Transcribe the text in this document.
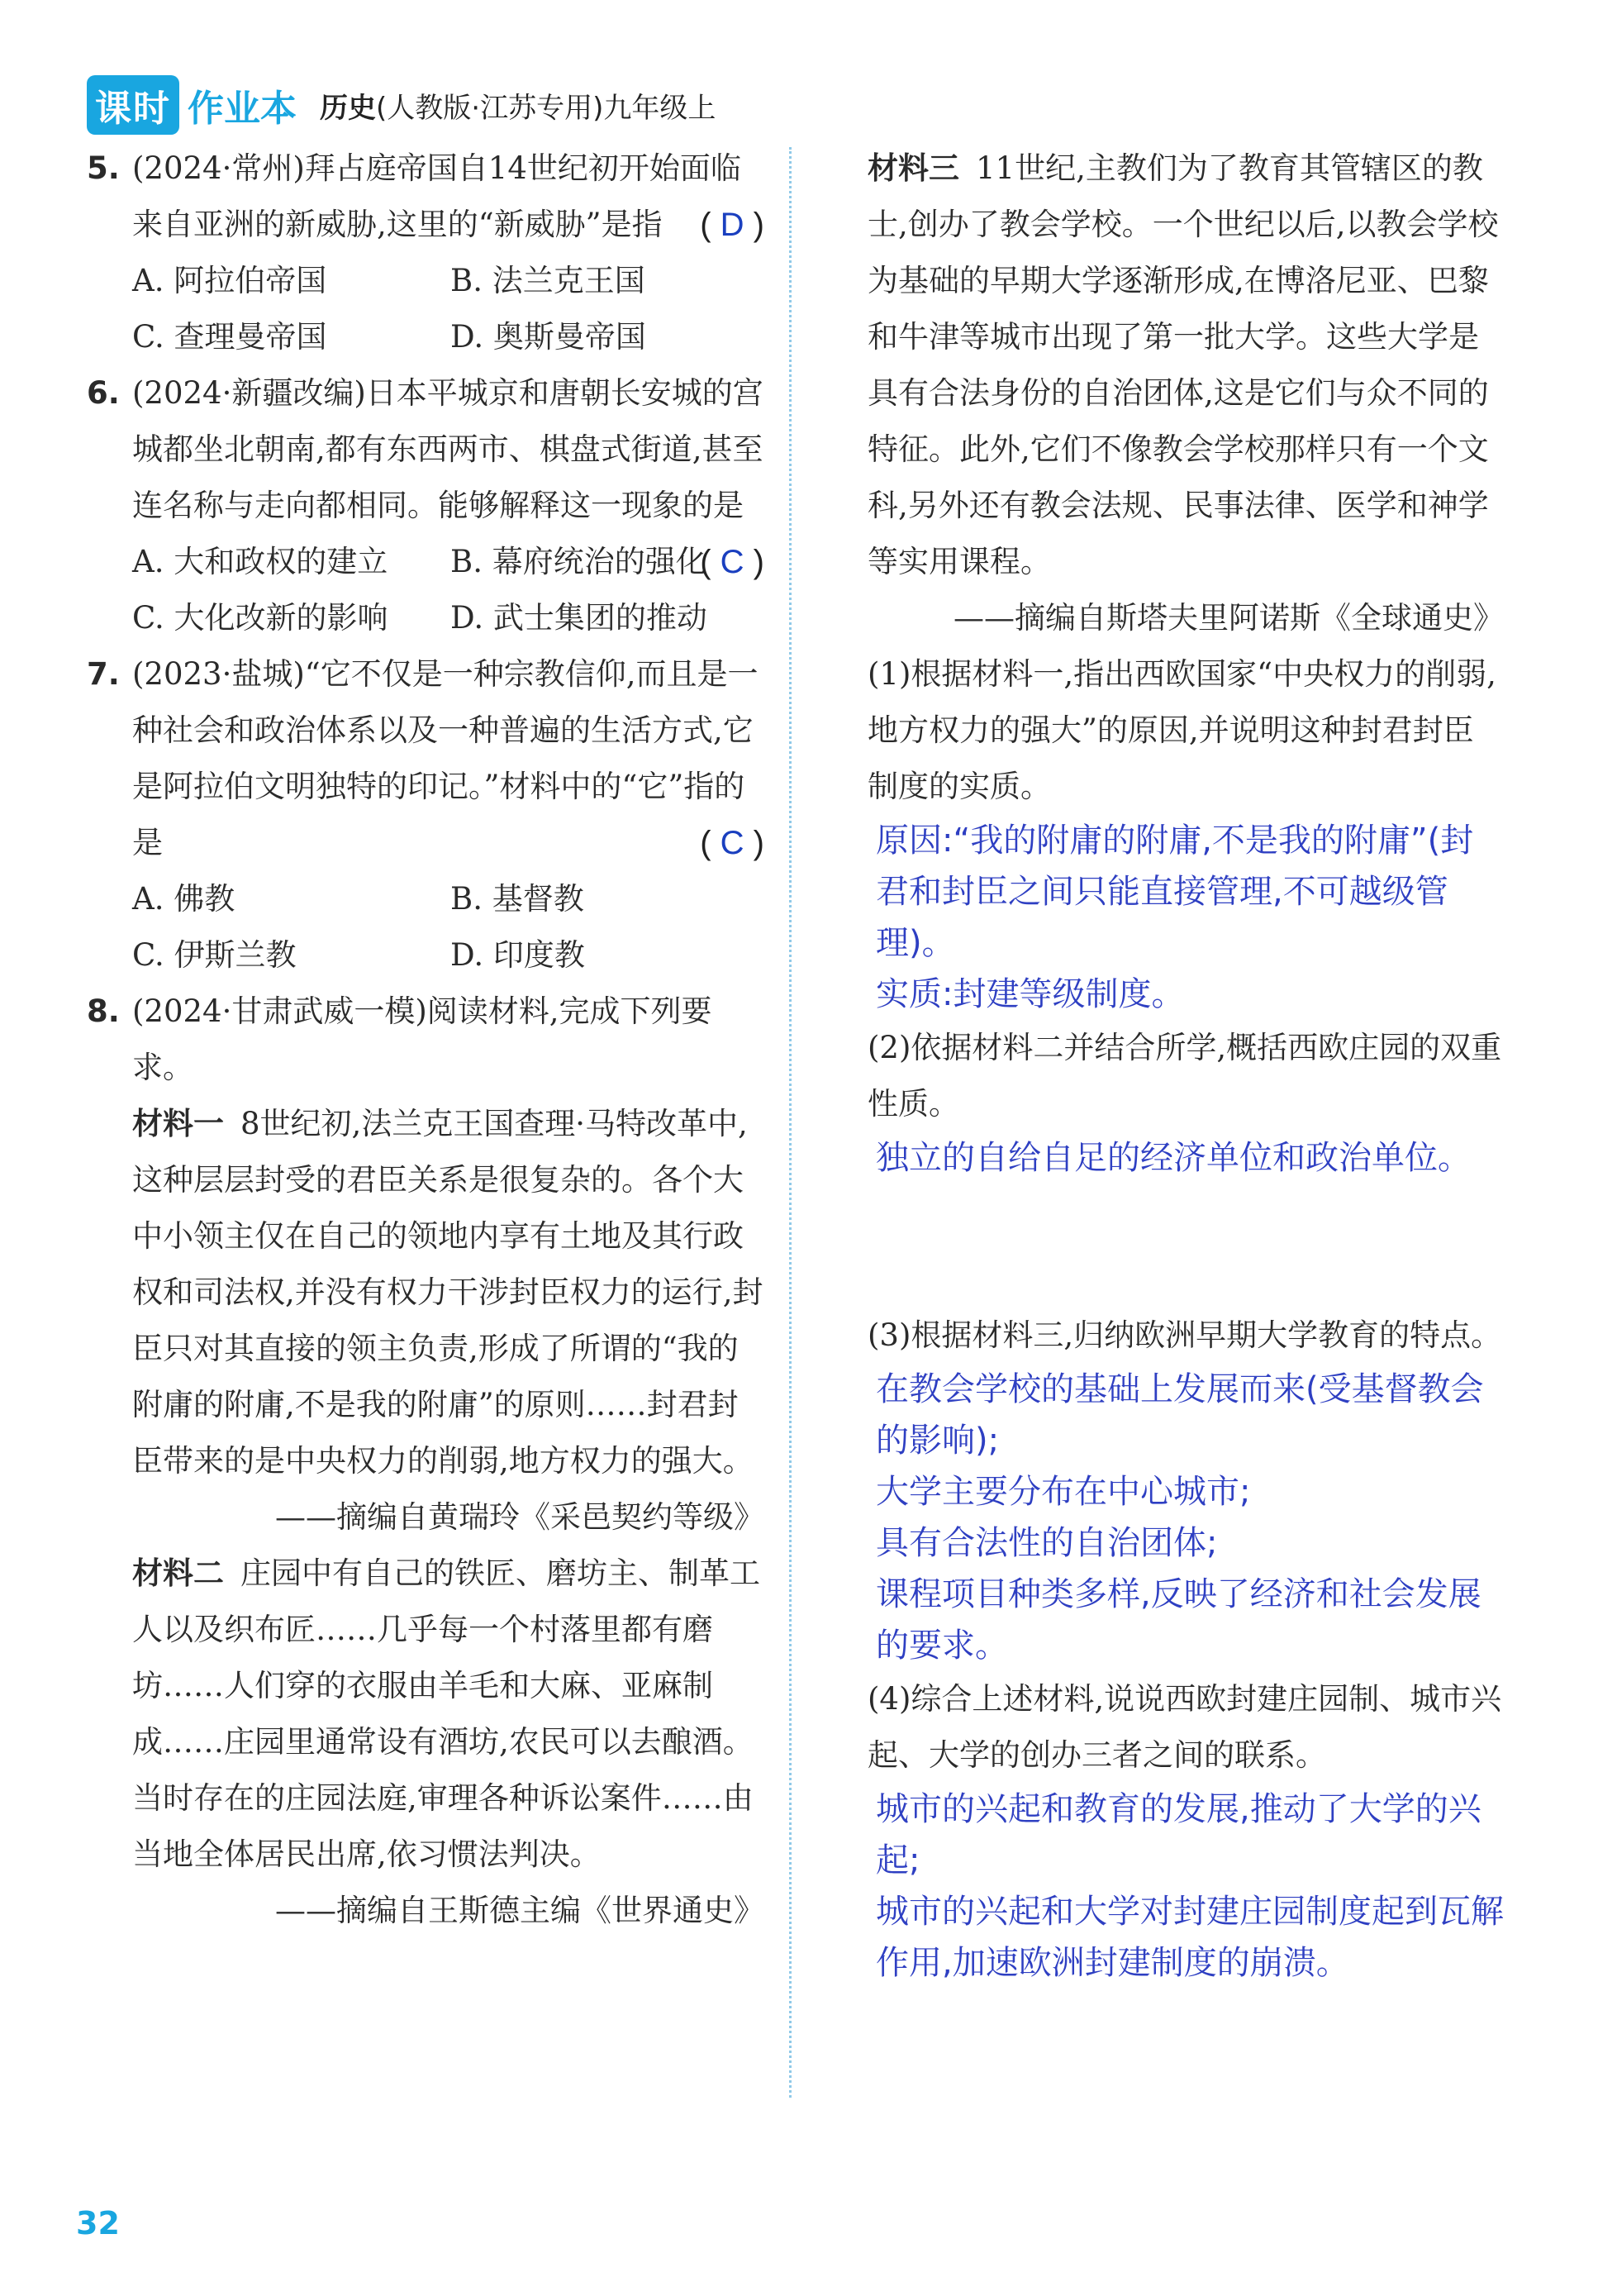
课时 作业本 历史(人教版·江苏专用)九年级上
5. (2024·常州)拜占庭帝国自14世纪初开始面临来自亚洲的新威胁,这里的“新威胁”是指	( D )
A. 阿拉伯帝国	B. 法兰克王国
C. 查理曼帝国	D. 奥斯曼帝国
6. (2024·新疆改编)日本平城京和唐朝长安城的宫城都坐北朝南,都有东西两市、棋盘式街道,甚至连名称与走向都相同。能够解释这一现象的是
( C )
A. 大和政权的建立	B. 幕府统治的强化
C. 大化改新的影响	D. 武士集团的推动
7. (2023·盐城)“它不仅是一种宗教信仰,而且是一种社会和政治体系以及一种普遍的生活方式,它是阿拉伯文明独特的印记。”材料中的“它”指的是	( C )
A. 佛教	B. 基督教
C. 伊斯兰教	D. 印度教
8. (2024·甘肃武威一模)阅读材料,完成下列要求。
材料一 8世纪初,法兰克王国查理·马特改革中,这种层层封受的君臣关系是很复杂的。各个大中小领主仅在自己的领地内享有土地及其行政权和司法权,并没有权力干涉封臣权力的运行,封臣只对其直接的领主负责,形成了所谓的“我的附庸的附庸,不是我的附庸”的原则……封君封臣带来的是中央权力的削弱,地方权力的强大。
——摘编自黄瑞玲《采邑契约等级》
材料二 庄园中有自己的铁匠、磨坊主、制革工人以及织布匠……几乎每一个村落里都有磨坊……人们穿的衣服由羊毛和大麻、亚麻制成……庄园里通常设有酒坊,农民可以去酿酒。当时存在的庄园法庭,审理各种诉讼案件……由当地全体居民出席,依习惯法判决。
——摘编自王斯德主编《世界通史》
材料三 11世纪,主教们为了教育其管辖区的教士,创办了教会学校。一个世纪以后,以教会学校为基础的早期大学逐渐形成,在博洛尼亚、巴黎和牛津等城市出现了第一批大学。这些大学是具有合法身份的自治团体,这是它们与众不同的特征。此外,它们不像教会学校那样只有一个文科,另外还有教会法规、民事法律、医学和神学等实用课程。
——摘编自斯塔夫里阿诺斯《全球通史》
(1)根据材料一,指出西欧国家“中央权力的削弱,地方权力的强大”的原因,并说明这种封君封臣制度的实质。
原因:“我的附庸的附庸,不是我的附庸”(封君和封臣之间只能直接管理,不可越级管理)。
实质:封建等级制度。
(2)依据材料二并结合所学,概括西欧庄园的双重性质。
独立的自给自足的经济单位和政治单位。
(3)根据材料三,归纳欧洲早期大学教育的特点。
在教会学校的基础上发展而来(受基督教会的影响);
大学主要分布在中心城市;
具有合法性的自治团体;
课程项目种类多样,反映了经济和社会发展的要求。
(4)综合上述材料,说说西欧封建庄园制、城市兴起、大学的创办三者之间的联系。
城市的兴起和教育的发展,推动了大学的兴起;
城市的兴起和大学对封建庄园制度起到瓦解作用,加速欧洲封建制度的崩溃。
32
